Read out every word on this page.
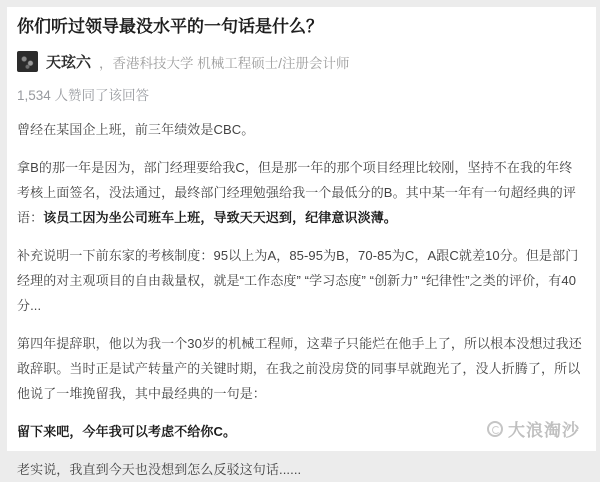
你们听过领导最没水平的一句话是什么？
天玹六 ，香港科技大学 机械工程硕士/注册会计师
1,534 人赞同了该回答

曾经在某国企上班，前三年绩效是CBC。

拿B的那一年是因为，部门经理要给我C，但是那一年的那个项目经理比较刚，坚持不在我的年终考核上面签名，没法通过，最终部门经理勉强给我一个最低分的B。其中某一年有一句超经典的评语：该员工因为坐公司班车上班，导致天天迟到，纪律意识淡薄。

补充说明一下前东家的考核制度：95以上为A，85-95为B，70-85为C，A跟C就差10分。但是部门经理的对主观项目的自由裁量权，就是“工作态度” “学习态度” “创新力” “纪律性”之类的评价，有40分...

第四年提辞职，他以为我一个30岁的机械工程师，这辈子只能烂在他手上了，所以根本没想过我还敢辞职。当时正是试产转量产的关键时期，在我之前没房贷的同事早就跑光了，没人折腾了，所以他说了一堆挽留我，其中最经典的一句是：

留下来吧，今年我可以考虑不给你C。

老实说，我直到今天也没想到怎么反驳这句话......

大浪淘沙
